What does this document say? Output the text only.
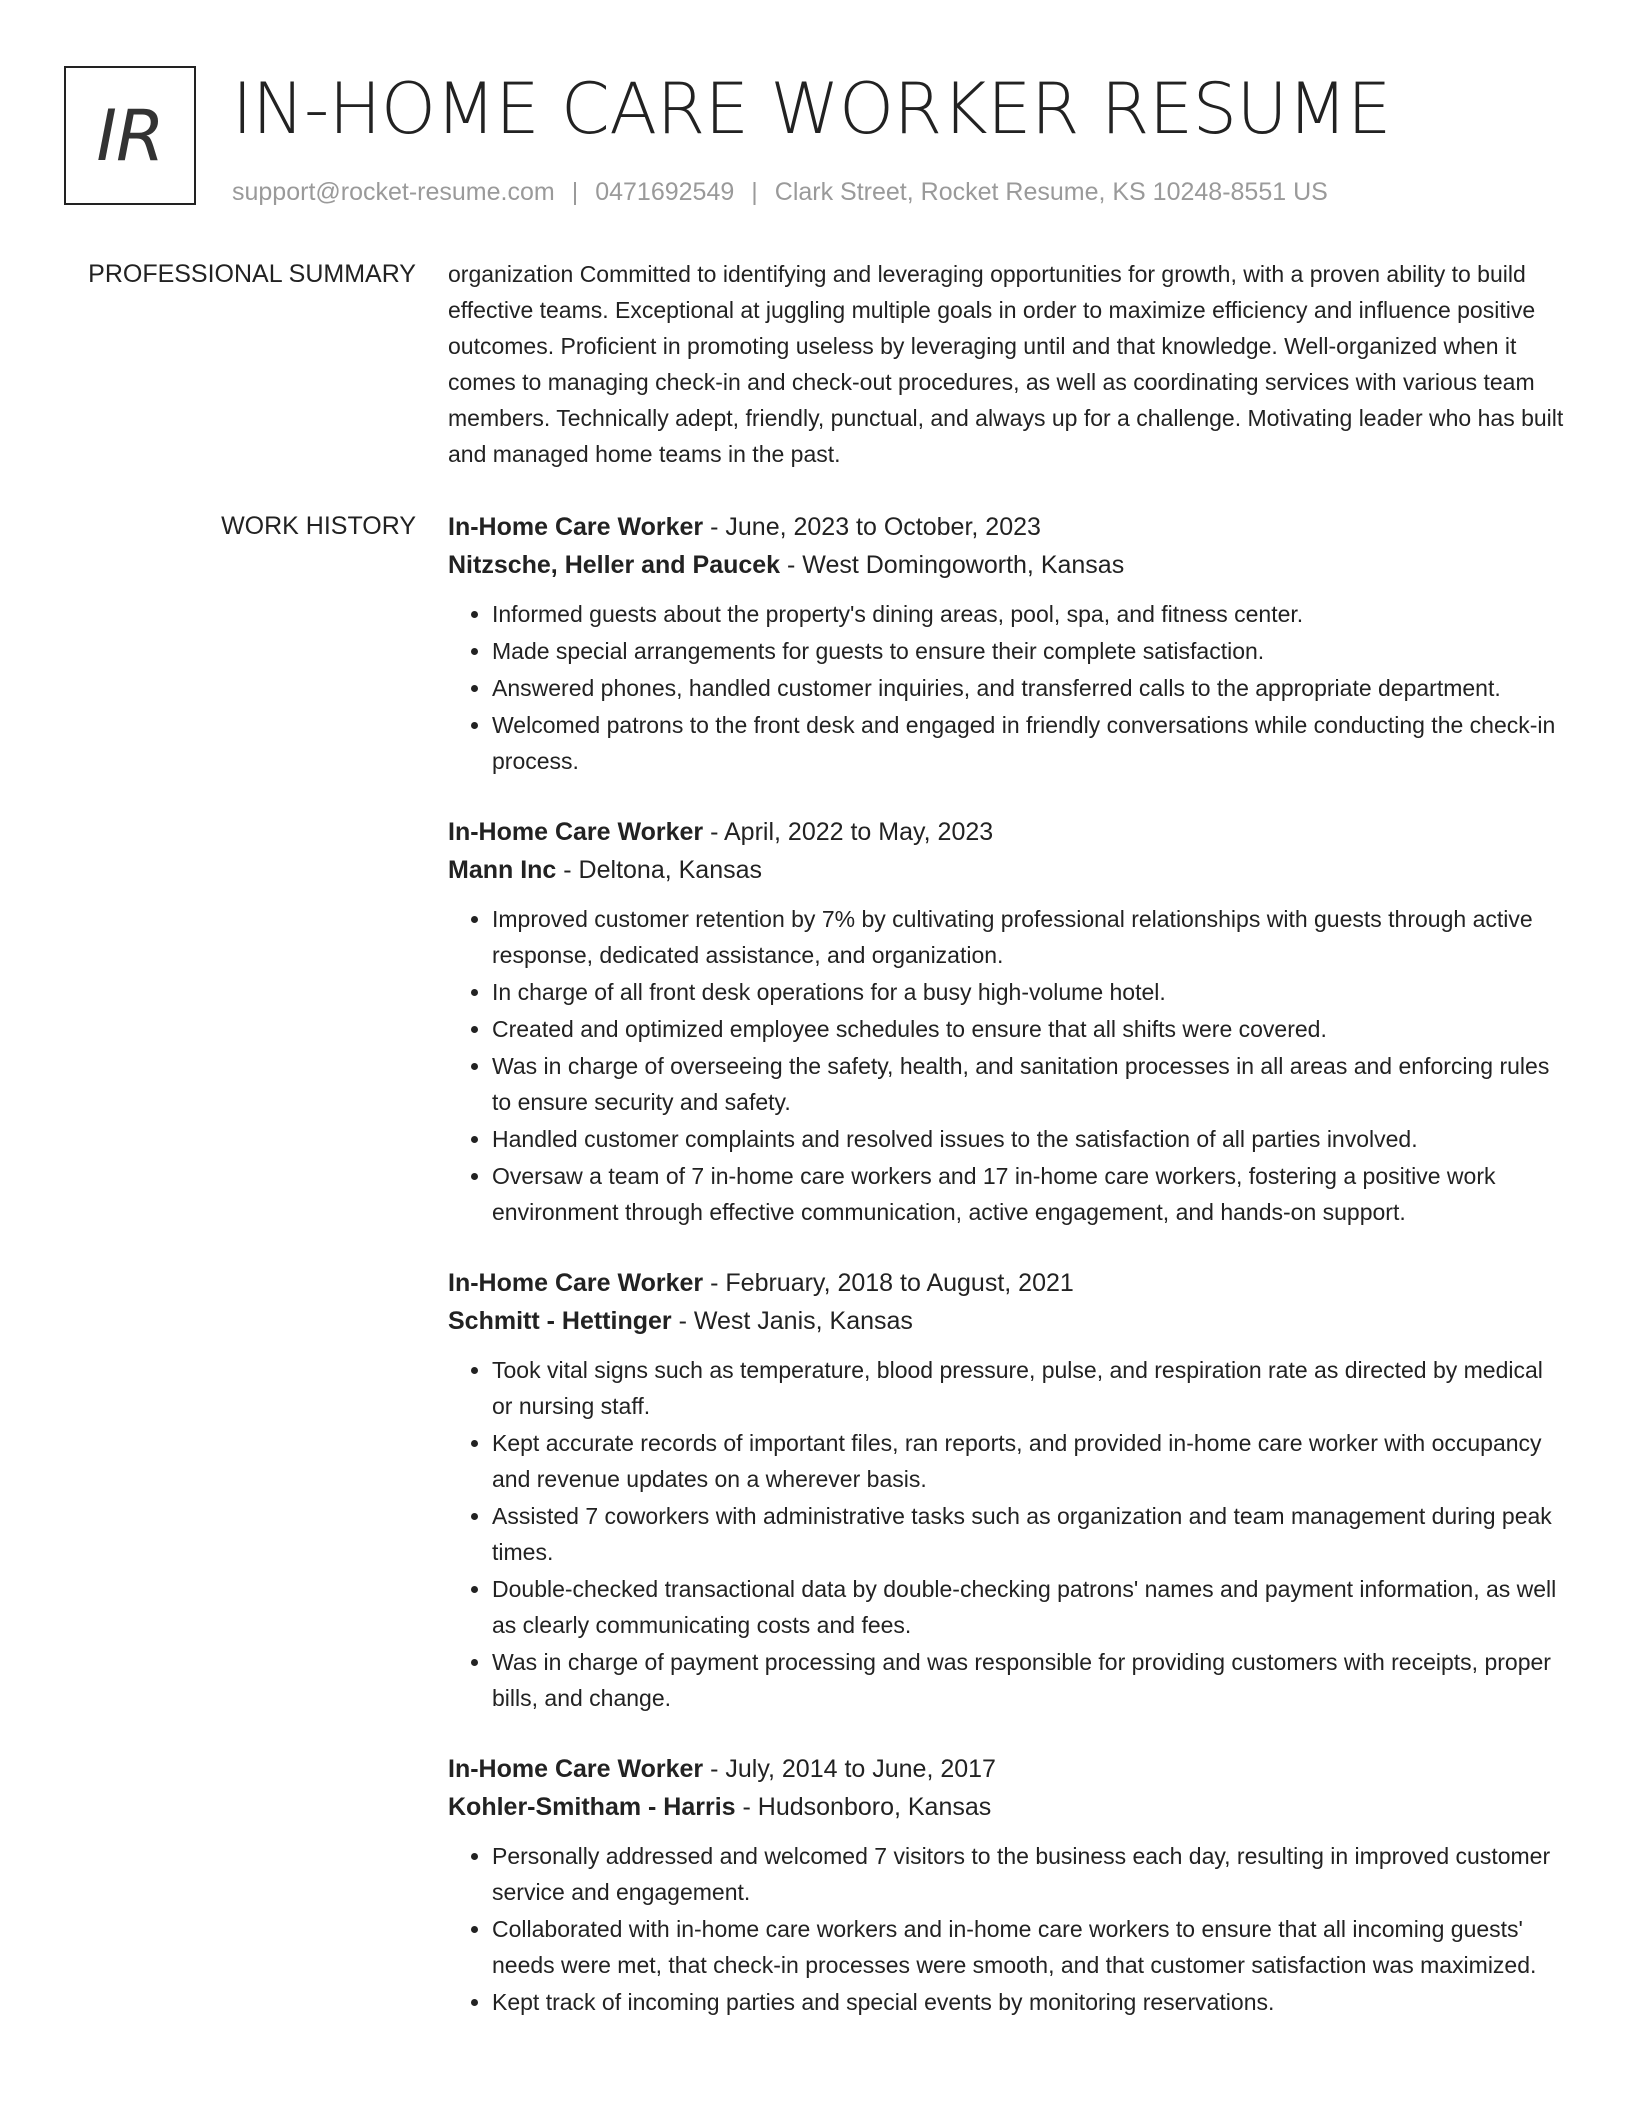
IR IN-HOME CARE WORKER RESUME
support@rocket-resume.com | 0471692549 | Clark Street, Rocket Resume, KS 10248-8551 US
PROFESSIONAL SUMMARY organization Committed to identifying and leveraging opportunities for growth, with a proven ability to build effective teams. Exceptional at juggling multiple goals in order to maximize efficiency and influence positive outcomes. Proficient in promoting useless by leveraging until and that knowledge. Well-organized when it comes to managing check-in and check-out procedures, as well as coordinating services with various team members. Technically adept, friendly, punctual, and always up for a challenge. Motivating leader who has built and managed home teams in the past.

WORK HISTORY In-Home Care Worker - June, 2023 to October, 2023
Nitzsche, Heller and Paucek - West Domingoworth, Kansas
• Informed guests about the property's dining areas, pool, spa, and fitness center.
• Made special arrangements for guests to ensure their complete satisfaction.
• Answered phones, handled customer inquiries, and transferred calls to the appropriate department.
• Welcomed patrons to the front desk and engaged in friendly conversations while conducting the check-in process.
In-Home Care Worker - April, 2022 to May, 2023
Mann Inc - Deltona, Kansas
• Improved customer retention by 7% by cultivating professional relationships with guests through active response, dedicated assistance, and organization.
• In charge of all front desk operations for a busy high-volume hotel.
• Created and optimized employee schedules to ensure that all shifts were covered.
• Was in charge of overseeing the safety, health, and sanitation processes in all areas and enforcing rules to ensure security and safety.
• Handled customer complaints and resolved issues to the satisfaction of all parties involved.
• Oversaw a team of 7 in-home care workers and 17 in-home care workers, fostering a positive work environment through effective communication, active engagement, and hands-on support.
In-Home Care Worker - February, 2018 to August, 2021
Schmitt - Hettinger - West Janis, Kansas
• Took vital signs such as temperature, blood pressure, pulse, and respiration rate as directed by medical or nursing staff.
• Kept accurate records of important files, ran reports, and provided in-home care worker with occupancy and revenue updates on a wherever basis.
• Assisted 7 coworkers with administrative tasks such as organization and team management during peak times.
• Double-checked transactional data by double-checking patrons' names and payment information, as well as clearly communicating costs and fees.
• Was in charge of payment processing and was responsible for providing customers with receipts, proper bills, and change.
In-Home Care Worker - July, 2014 to June, 2017
Kohler-Smitham - Harris - Hudsonboro, Kansas
• Personally addressed and welcomed 7 visitors to the business each day, resulting in improved customer service and engagement.
• Collaborated with in-home care workers and in-home care workers to ensure that all incoming guests' needs were met, that check-in processes were smooth, and that customer satisfaction was maximized.
• Kept track of incoming parties and special events by monitoring reservations.
